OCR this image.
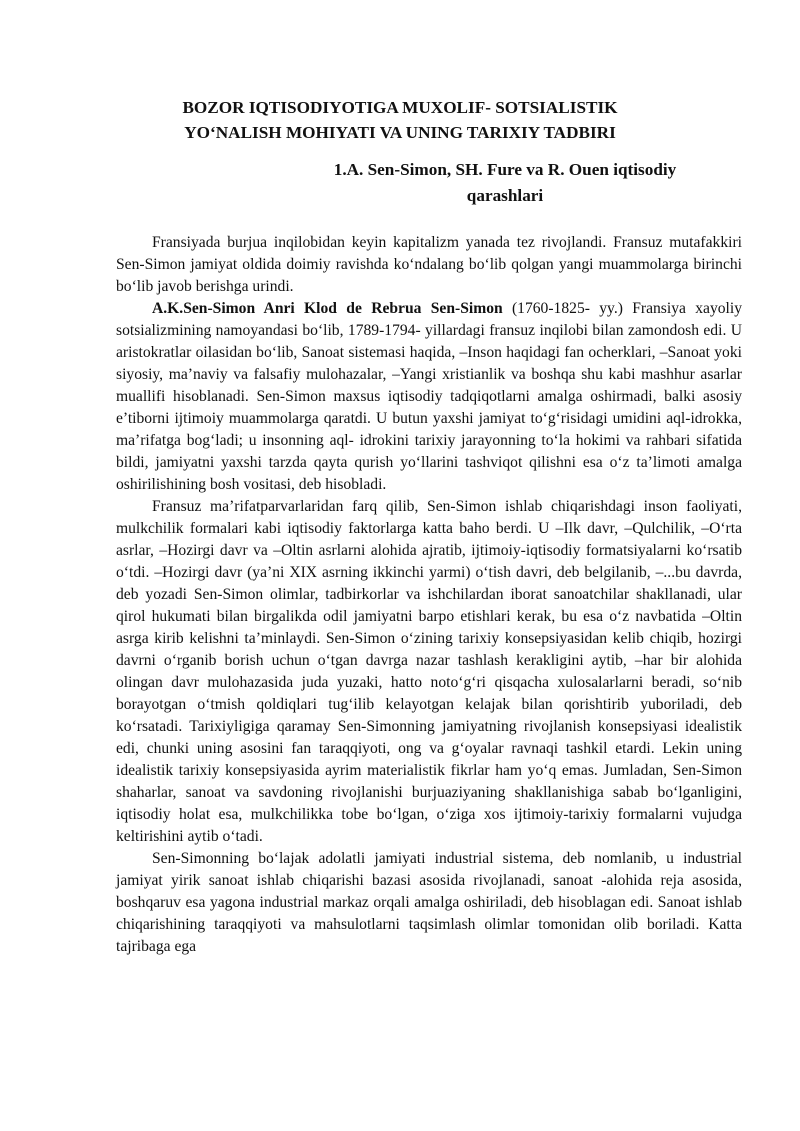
BOZOR IQTISODIYOTIGA MUXOLIF- SOTSIALISTIK
YO‘NALISH MOHIYATI VA UNING TARIXIY TADBIRI
1.A. Sen-Simon, SH. Fure va R. Ouen iqtisodiy
qarashlari

Fransiyada burjua inqilobidan keyin kapitalizm yanada tez rivojlandi. Fransuz mutafakkiri Sen-Simon jamiyat oldida doimiy ravishda ko‘ndalang bo‘lib qolgan yangi muammolarga birinchi bo‘lib javob berishga urindi.

A.K.Sen-Simon Anri Klod de Rebrua Sen-Simon (1760-1825- yy.) Fransiya xayoliy sotsializmining namoyandasi bo‘lib, 1789-1794- yillardagi fransuz inqilobi bilan zamondosh edi. U aristokratlar oilasidan bo‘lib, Sanoat sistemasi haqida, –Inson haqidagi fan ocherklari, –Sanoat yoki siyosiy, ma’naviy va falsafiy mulohazalar, –Yangi xristianlik va boshqa shu kabi mashhur asarlar muallifi hisoblanadi. Sen-Simon maxsus iqtisodiy tadqiqotlarni amalga oshirmadi, balki asosiy e’tiborni ijtimoiy muammolarga qaratdi. U butun yaxshi jamiyat to‘g‘risidagi umidini aql-idrokka, ma’rifatga bog‘ladi; u insonning aql- idrokini tarixiy jarayonning to‘la hokimi va rahbari sifatida bildi, jamiyatni yaxshi tarzda qayta qurish yo‘llarini tashviqot qilishni esa o‘z ta’limoti amalga oshirilishining bosh vositasi, deb hisobladi.

Fransuz ma’rifatparvarlaridan farq qilib, Sen-Simon ishlab chiqarishdagi inson faoliyati, mulkchilik formalari kabi iqtisodiy faktorlarga katta baho berdi. U –Ilk davr, –Qulchilik, –O‘rta asrlar, –Hozirgi davr va –Oltin asrlarni alohida ajratib, ijtimoiy-iqtisodiy formatsiyalarni ko‘rsatib o‘tdi. –Hozirgi davr (ya’ni XIX asrning ikkinchi yarmi) o‘tish davri, deb belgilanib, –...bu davrda, deb yozadi Sen-Simon olimlar, tadbirkorlar va ishchilardan iborat sanoatchilar shakllanadi, ular qirol hukumati bilan birgalikda odil jamiyatni barpo etishlari kerak, bu esa o‘z navbatida –Oltin asrga kirib kelishni ta’minlaydi. Sen-Simon o‘zining tarixiy konsepsiyasidan kelib chiqib, hozirgi davrni o‘rganib borish uchun o‘tgan davrga nazar tashlash kerakligini aytib, –har bir alohida olingan davr mulohazasida juda yuzaki, hatto noto‘g‘ri qisqacha xulosalarlarni beradi, so‘nib borayotgan o‘tmish qoldiqlari tug‘ilib kelayotgan kelajak bilan qorishtirib yuboriladi, deb ko‘rsatadi. Tarixiyligiga qaramay Sen-Simonning jamiyatning rivojlanish konsepsiyasi idealistik edi, chunki uning asosini fan taraqqiyoti, ong va g‘oyalar ravnaqi tashkil etardi. Lekin uning idealistik tarixiy konsepsiyasida ayrim materialistik fikrlar ham yo‘q emas. Jumladan, Sen-Simon shaharlar, sanoat va savdoning rivojlanishi burjuaziyaning shakllanishiga sabab bo‘lganligini, iqtisodiy holat esa, mulkchilikka tobe bo‘lgan, o‘ziga xos ijtimoiy-tarixiy formalarni vujudga keltirishini aytib o‘tadi.

Sen-Simonning bo‘lajak adolatli jamiyati industrial sistema, deb nomlanib, u industrial jamiyat yirik sanoat ishlab chiqarishi bazasi asosida rivojlanadi, sanoat -alohida reja asosida, boshqaruv esa yagona industrial markaz orqali amalga oshiriladi, deb hisoblagan edi. Sanoat ishlab chiqarishining taraqqiyoti va mahsulotlarni taqsimlash olimlar tomonidan olib boriladi. Katta tajribaga ega
